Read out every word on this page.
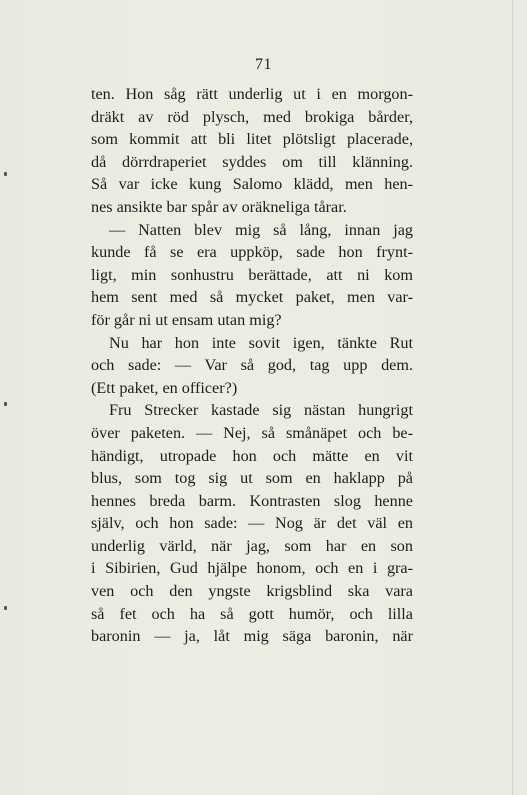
71
ten. Hon såg rätt underlig ut i en morgon-
dräkt av röd plysch, med brokiga bårder,
som kommit att bli litet plötsligt placerade,
då dörrdraperiet syddes om till klänning.
Så var icke kung Salomo klädd, men hen-
nes ansikte bar spår av oräkneliga tårar.
— Natten blev mig så lång, innan jag
kunde få se era uppköp, sade hon frynt-
ligt, min sonhustru berättade, att ni kom
hem sent med så mycket paket, men var-
för går ni ut ensam utan mig?
Nu har hon inte sovit igen, tänkte Rut
och sade: — Var så god, tag upp dem.
(Ett paket, en officer?)
Fru Strecker kastade sig nästan hungrigt
över paketen. — Nej, så smånäpet och be-
händigt, utropade hon och mätte en vit
blus, som tog sig ut som en haklapp på
hennes breda barm. Kontrasten slog henne
själv, och hon sade: — Nog är det väl en
underlig värld, när jag, som har en son
i Sibirien, Gud hjälpe honom, och en i gra-
ven och den yngste krigsblind ska vara
så fet och ha så gott humör, och lilla
baronin — ja, låt mig säga baronin, när
